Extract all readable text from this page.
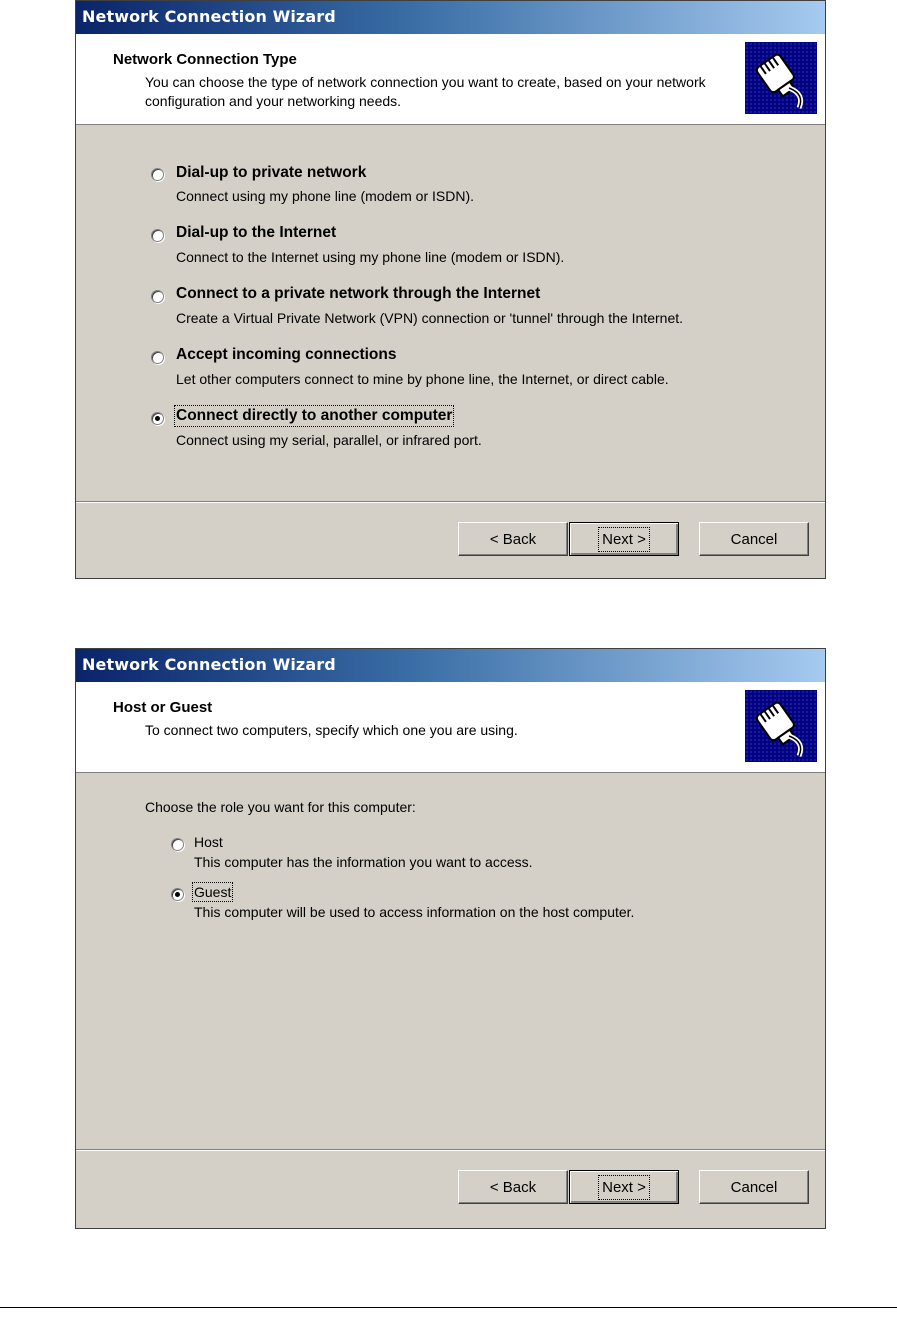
Network Connection Wizard
Network Connection Type
You can choose the type of network connection you want to create, based on your network configuration and your networking needs.
Dial-up to private network
Connect using my phone line (modem or ISDN).
Dial-up to the Internet
Connect to the Internet using my phone line (modem or ISDN).
Connect to a private network through the Internet
Create a Virtual Private Network (VPN) connection or 'tunnel' through the Internet.
Accept incoming connections
Let other computers connect to mine by phone line, the Internet, or direct cable.
Connect directly to another computer
Connect using my serial, parallel, or infrared port.
< Back	Next >	Cancel
Network Connection Wizard
Host or Guest
To connect two computers, specify which one you are using.
Choose the role you want for this computer:
Host
This computer has the information you want to access.
Guest
This computer will be used to access information on the host computer.
< Back	Next >	Cancel
